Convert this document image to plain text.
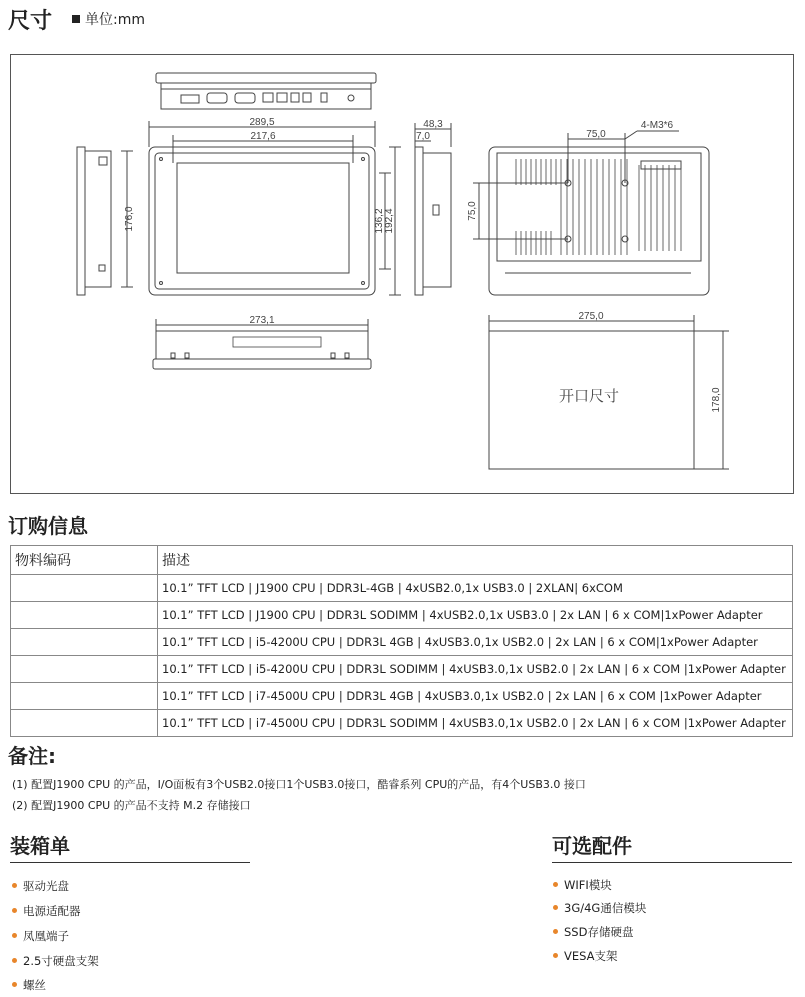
尺寸	单位:mm
289,5
217,6
176,0	136,2 192,4
48,3
7,0	75,0
4-M3*6
75,0
273,1	275,0
178,0
开口尺寸
订购信息
物料编码	描述
	10.1” TFT LCD | J1900 CPU | DDR3L-4GB | 4xUSB2.0,1x USB3.0 | 2XLAN| 6xCOM
	10.1” TFT LCD | J1900 CPU | DDR3L SODIMM | 4xUSB2.0,1x USB3.0 | 2x LAN | 6 x COM|1xPower Adapter
	10.1” TFT LCD | i5-4200U CPU | DDR3L 4GB | 4xUSB3.0,1x USB2.0 | 2x LAN | 6 x COM|1xPower Adapter
	10.1” TFT LCD | i5-4200U CPU | DDR3L SODIMM | 4xUSB3.0,1x USB2.0 | 2x LAN | 6 x COM |1xPower Adapter
	10.1” TFT LCD | i7-4500U CPU | DDR3L 4GB | 4xUSB3.0,1x USB2.0 | 2x LAN | 6 x COM |1xPower Adapter
	10.1” TFT LCD | i7-4500U CPU | DDR3L SODIMM | 4xUSB3.0,1x USB2.0 | 2x LAN | 6 x COM |1xPower Adapter
备注:
(1) 配置J1900 CPU 的产品，I/O面板有3个USB2.0接口1个USB3.0接口，酷睿系列 CPU的产品，有4个USB3.0 接口
(2) 配置J1900 CPU 的产品不支持 M.2 存储接口
装箱单
驱动光盘
电源适配器
凤凰端子
2.5寸硬盘支架
螺丝
可选配件
WIFI模块
3G/4G通信模块
SSD存储硬盘
VESA支架
